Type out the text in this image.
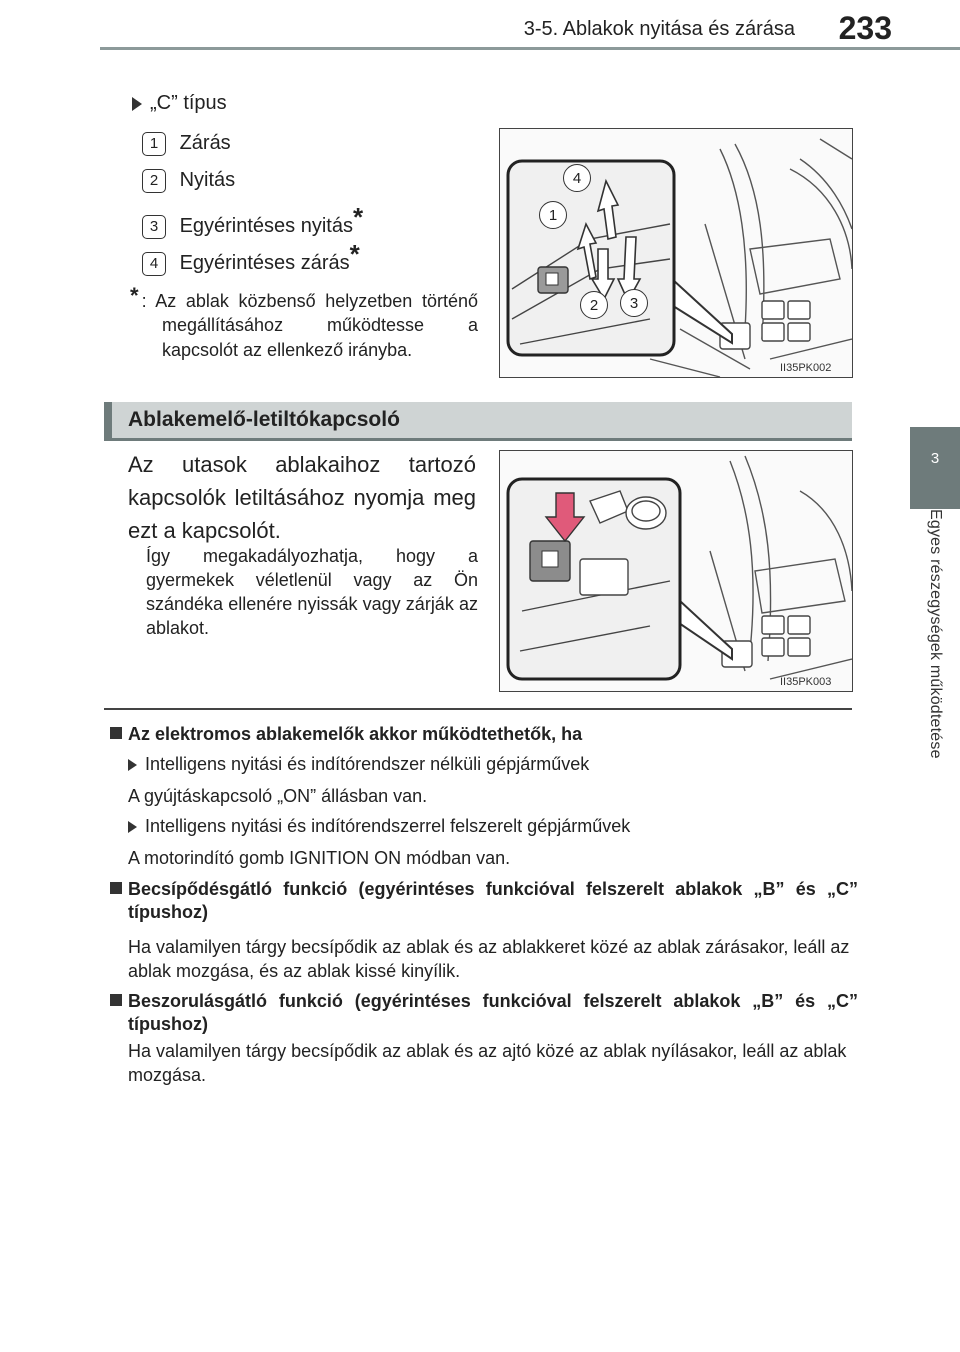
3-5. Ablakok nyitása és zárása	233
3
Egyes részegységek működtetése
„C” típus
1 Zárás
2 Nyitás
3 Egyérintéses nyitás*
4 Egyérintéses zárás*
* : Az ablak közbenső helyzetben történő megállításához működtesse a kapcsolót az ellenkező irányba.
4
1
2	3
II35PK002
Ablakemelő-letiltókapcsoló
Az utasok ablakaihoz tartozó kapcsolók letiltásához nyomja meg ezt a kapcsolót.
Így megakadályozhatja, hogy a gyermekek véletlenül vagy az Ön szándéka ellenére nyissák vagy zárják az ablakot.
II35PK003
Az elektromos ablakemelők akkor működtethetők, ha
Intelligens nyitási és indítórendszer nélküli gépjárművek
A gyújtáskapcsoló „ON” állásban van.
Intelligens nyitási és indítórendszerrel felszerelt gépjárművek
A motorindító gomb IGNITION ON módban van.
Becsípődésgátló funkció (egyérintéses funkcióval felszerelt ablakok „B” és „C” típushoz)
Ha valamilyen tárgy becsípődik az ablak és az ablakkeret közé az ablak zárásakor, leáll az ablak mozgása, és az ablak kissé kinyílik.
Beszorulásgátló funkció (egyérintéses funkcióval felszerelt ablakok „B” és „C” típushoz)
Ha valamilyen tárgy becsípődik az ablak és az ajtó közé az ablak nyílásakor, leáll az ablak mozgása.
